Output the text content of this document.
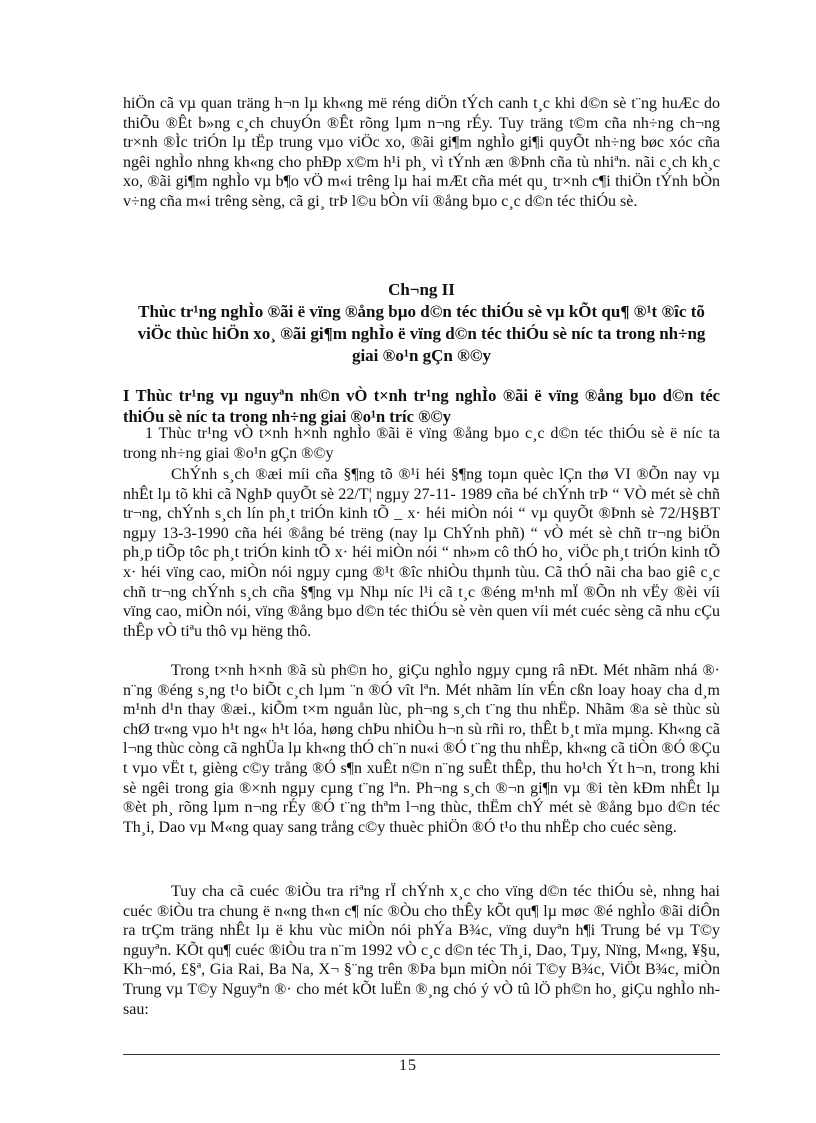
hiÖn cã vµ quan träng h¬n lµ kh«ng më réng diÖn tÝch canh t¸c khi d©n sè t¨ng huÆc do thiÕu ®Êt b»ng c¸ch chuyÓn ®Êt rõng lµm n¬ng rÉy. Tuy träng t©m cña nh÷ng ch¬ng tr×nh ®Ìc triÓn lµ tËp trung vµo viÖc xo, ®ãi gi¶m nghÌo gi¶i quyÕt nh÷ng bøc xóc cña ngêi nghÌo nhng kh«ng cho phÐp x©m h¹i ph¸ vì tÝnh æn ®Þnh cña tù nhiªn. nãi c¸ch kh¸c xo, ®ãi gi¶m nghÌo vµ b¶o vÖ m«i trêng lµ hai mÆt cña mét qu¸ tr×nh c¶i thiÖn tÝnh bÒn v÷ng cña m«i trêng sèng, cã gi¸ trÞ l©u bÒn víi ®ång bµo c¸c d©n téc thiÓu sè.

Ch¬ng II
Thùc tr¹ng nghÌo ®ãi ë vïng ®ång bµo d©n téc thiÓu sè vµ kÕt qu¶ ®¹t ®îc tõ viÖc thùc hiÖn xo¸ ®ãi gi¶m nghÌo ë vïng d©n téc thiÓu sè níc ta trong nh÷ng giai ®o¹n gÇn ®©y
I Thùc tr¹ng vµ nguyªn nh©n vÒ t×nh tr¹ng nghÌo ®ãi ë vïng ®ång bµo d©n téc thiÓu sè níc ta trong nh÷ng giai ®o¹n tríc ®©y

1 Thùc tr¹ng vÒ t×nh h×nh nghÌo ®ãi ë vïng ®ång bµo c¸c d©n téc thiÓu sè ë níc ta trong nh÷ng giai ®o¹n gÇn ®©y

ChÝnh s¸ch ®æi míi cña §¶ng tõ ®¹i héi §¶ng toµn quèc lÇn thø VI ®Õn nay vµ nhÊt lµ tõ khi cã NghÞ quyÕt sè 22/T¦ ngµy 27-11- 1989 cña bé chÝnh trÞ “ VÒ mét sè chñ tr¬ng, chÝnh s¸ch lín ph¸t triÓn kinh tÕ _ x· héi miÒn nói “ vµ quyÕt ®Þnh sè 72/H§BT ngµy 13-3-1990 cña héi ®ång bé trëng (nay lµ ChÝnh phñ) “ vÒ mét sè chñ tr¬ng biÖn ph¸p tiÕp tôc ph¸t triÓn kinh tÕ x· héi miÒn nói “ nh»m cô thÓ ho¸ viÖc ph¸t triÓn kinh tÕ x· héi vïng cao, miÒn nói ngµy cµng ®¹t ®îc nhiÒu thµnh tùu. Cã thÓ nãi cha bao giê c¸c chñ tr¬ng chÝnh s¸ch cña §¶ng vµ Nhµ níc l¹i cã t¸c ®éng m¹nh mÏ ®Õn nh vËy ®èi víi vïng cao, miÒn nói, vïng ®ång bµo d©n téc thiÓu sè vèn quen víi mét cuéc sèng cã nhu cÇu thÊp vÒ tiªu thô vµ hëng thô.

Trong t×nh h×nh ®ã sù ph©n ho¸ giÇu nghÌo ngµy cµng râ nÐt. Mét nhãm nhá ®· n¨ng ®éng s¸ng t¹o biÕt c¸ch lµm ¨n ®Ó vît lªn. Mét nhãm lín vÉn cßn loay hoay cha d¸m m¹nh d¹n thay ®æi., kiÕm t×m nguån lùc, ph¬ng s¸ch t¨ng thu nhËp. Nhãm ®a sè thùc sù chØ tr«ng vµo h¹t ng« h¹t lóa, høng chÞu nhiÒu h¬n sù rñi ro, thÊt b¸t mïa mµng. Kh«ng cã l¬ng thùc còng cã nghÜa lµ kh«ng thÓ ch¨n nu«i ®Ó t¨ng thu nhËp, kh«ng cã tiÒn ®Ó ®Çu t vµo vËt t, gièng c©y trång ®Ó s¶n xuÊt n©n n¨ng suÊt thÊp, thu ho¹ch Ýt h¬n, trong khi sè ngêi trong gia ®×nh ngµy cµng t¨ng lªn. Ph¬ng s¸ch ®¬n gi¶n vµ ®i tèn kÐm nhÊt lµ ®èt ph¸ rõng lµm n¬ng rÉy ®Ó t¨ng thªm l¬ng thùc, thËm chÝ mét sè ®ång bµo d©n téc Th¸i, Dao vµ M«ng quay sang trång c©y thuèc phiÖn ®Ó t¹o thu nhËp cho cuéc sèng.

Tuy cha cã cuéc ®iÒu tra riªng rÏ chÝnh x¸c cho vïng d©n téc thiÓu sè, nhng hai cuéc ®iÒu tra chung ë n«ng th«n c¶ níc ®Òu cho thÊy kÕt qu¶ lµ møc ®é nghÌo ®ãi diÔn ra trÇm träng nhÊt lµ ë khu vùc miÒn nói phÝa B¾c, vïng duyªn h¶i Trung bé vµ T©y nguyªn. KÕt qu¶ cuéc ®iÒu tra n¨m 1992 vÒ c¸c d©n téc Th¸i, Dao, Tµy, Nïng, M«ng, ¥§u, Kh¬mó, £§ª, Gia Rai, Ba Na, X¬ §¨ng trên ®Þa bµn miÒn nói T©y B¾c, ViÖt B¾c, miÒn Trung vµ T©y Nguyªn ®· cho mét kÕt luËn ®¸ng chó ý vÒ tû lÖ ph©n ho¸ giÇu nghÌo nh sau:

15
